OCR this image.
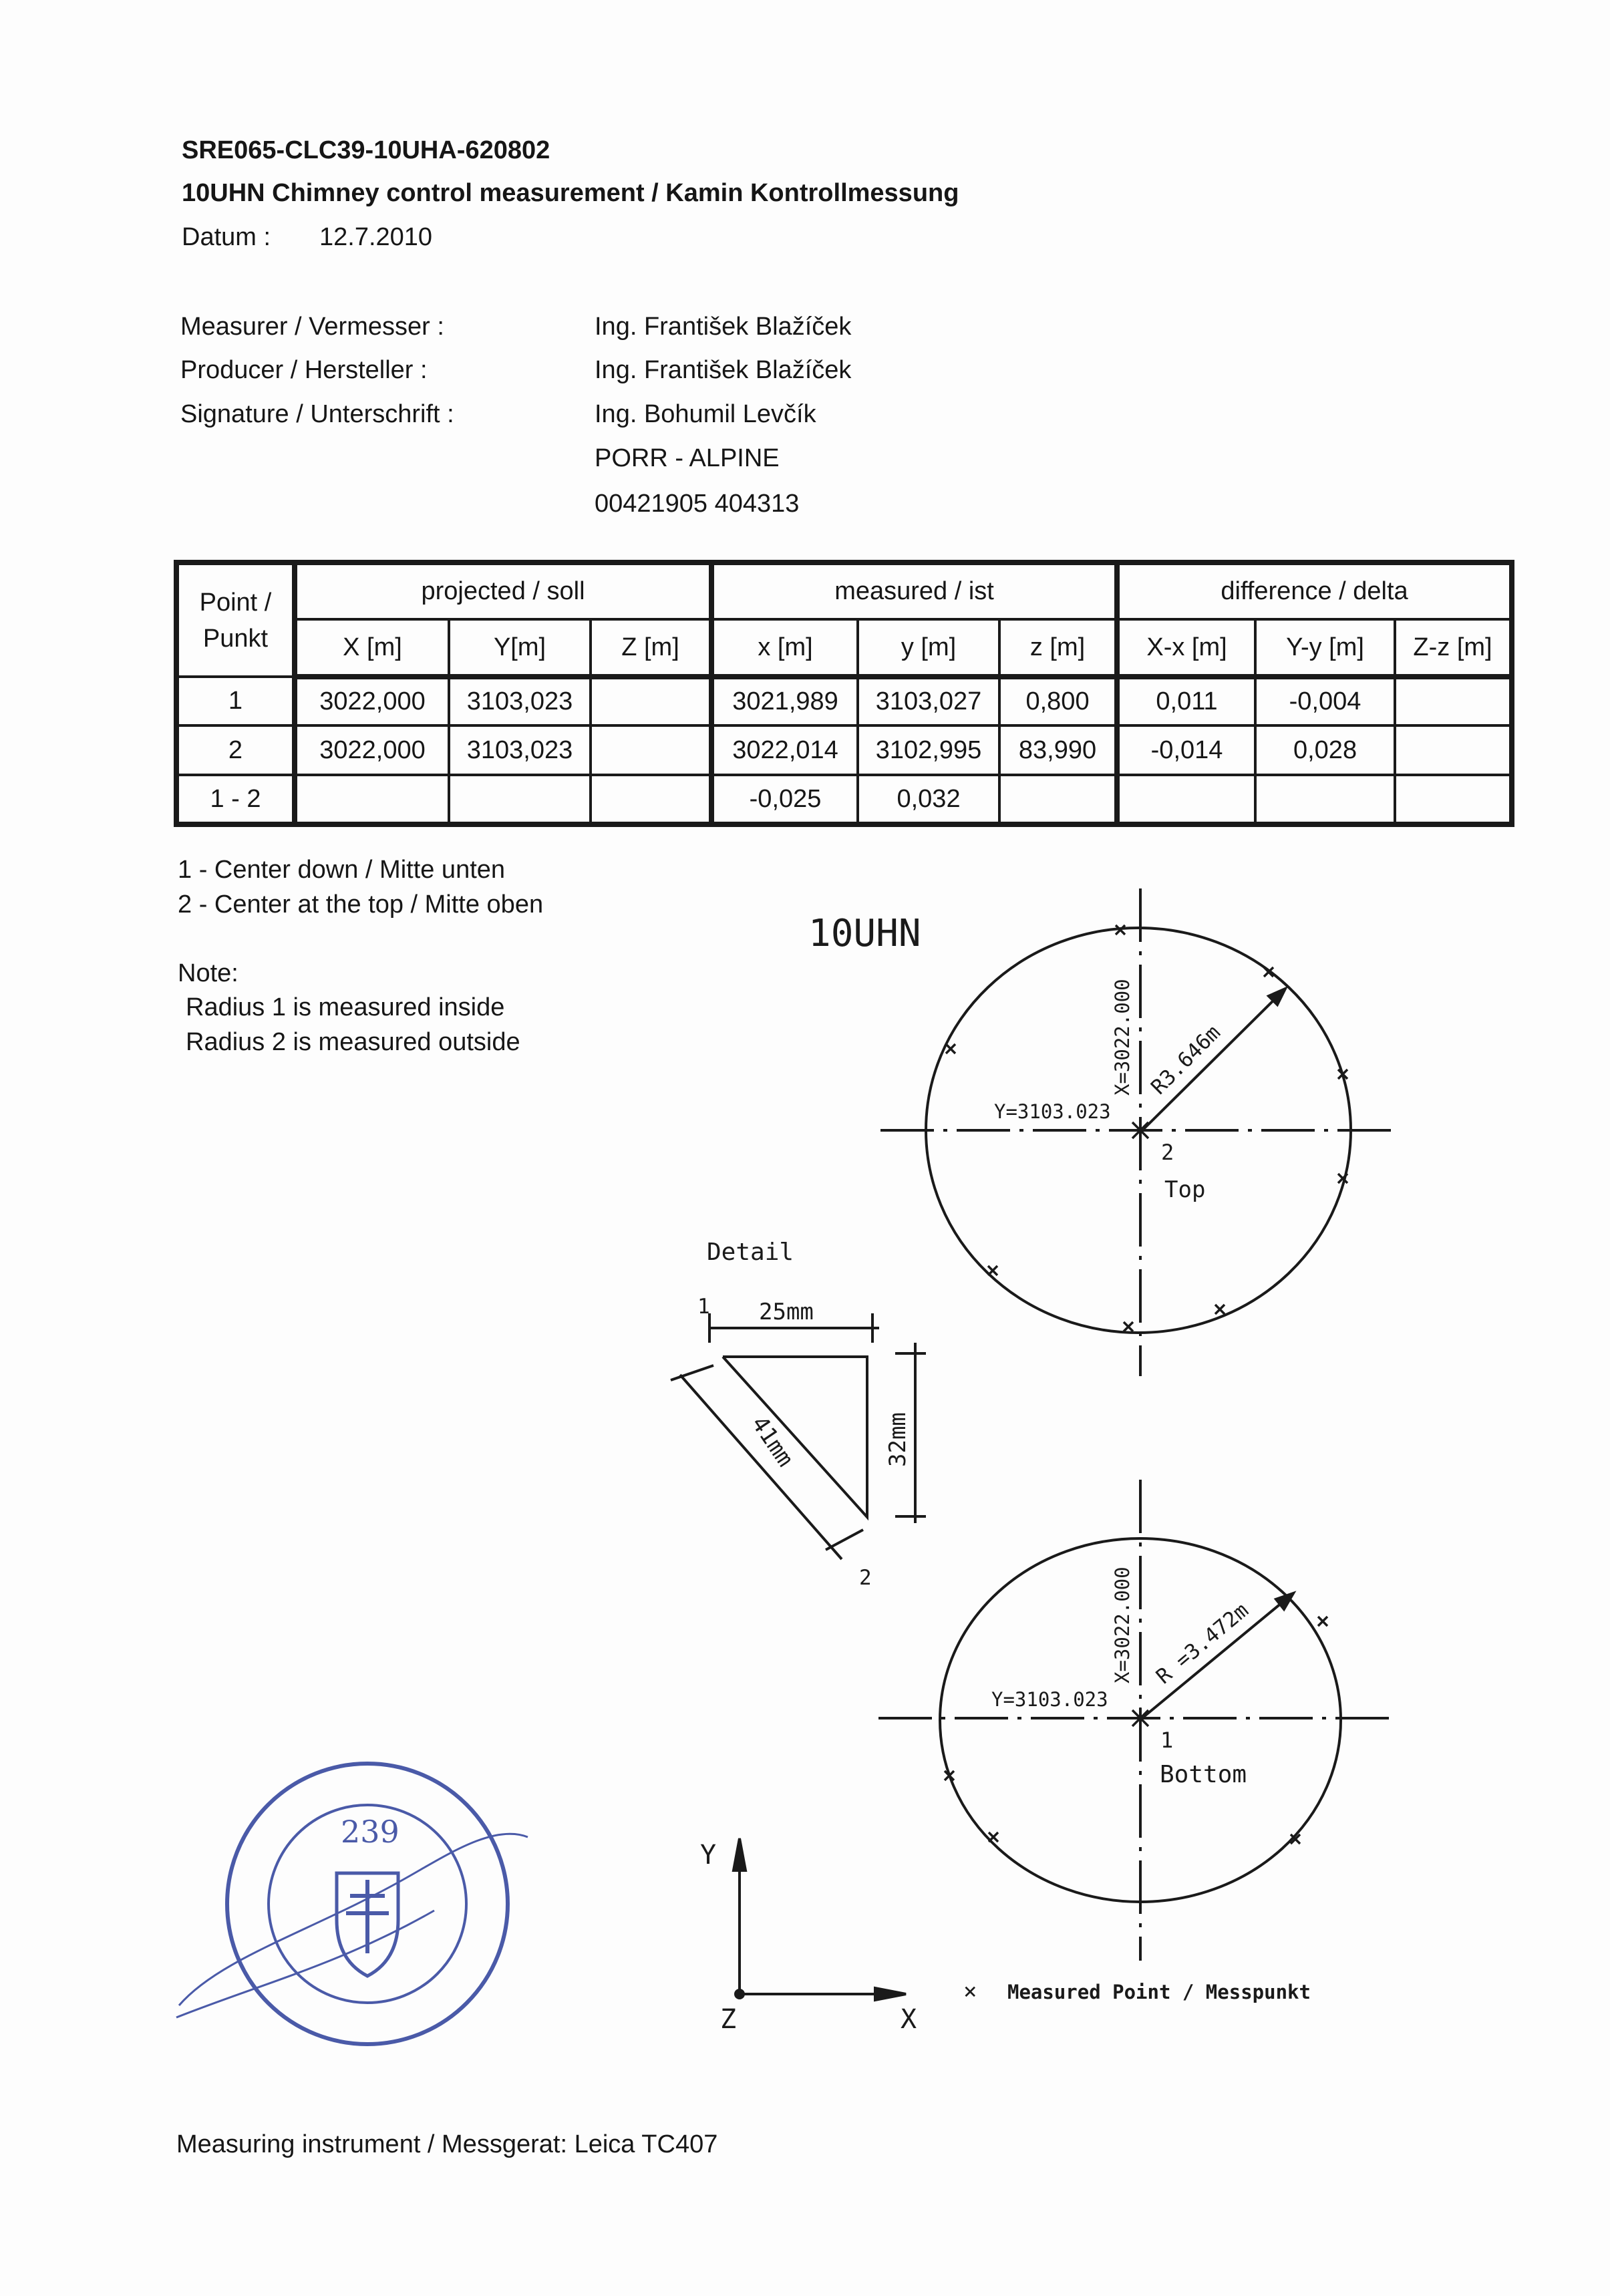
SRE065-CLC39-10UHA-620802
10UHN Chimney control measurement / Kamin Kontrollmessung
Datum : 12.7.2010
Measurer / Vermesser :	Ing. František Blažíček
Producer / Hersteller :	Ing. František Blažíček
Signature / Unterschrift :	Ing. Bohumil Levčík
PORR - ALPINE
00421905 404313
Point /
Punkt	projected / soll			measured / ist			difference / delta		
	X [m]	Y[m]	Z [m]	x [m]	y [m]	z [m]	X-x [m]	Y-y [m]	Z-z [m]
1	3022,000	3103,023		3021,989	3103,027	0,800	0,011	-0,004	
2	3022,000	3103,023		3022,014	3102,995	83,990	-0,014	0,028	
1 - 2				-0,025	0,032				
1 - Center down / Mitte unten
2 - Center at the top / Mitte oben
Note:
Radius 1 is measured inside
Radius 2 is measured outside
10UHN
X=3022.000
Y=3103.023
R3.646m
2
Top
X=3022.000
Y=3103.023
R =3.472m
1
Bottom
Detail
1
2
25mm
41mm	32mm
Y
X
Z
× Measured Point / Messpunkt
239
Measuring instrument / Messgerat: Leica TC407
